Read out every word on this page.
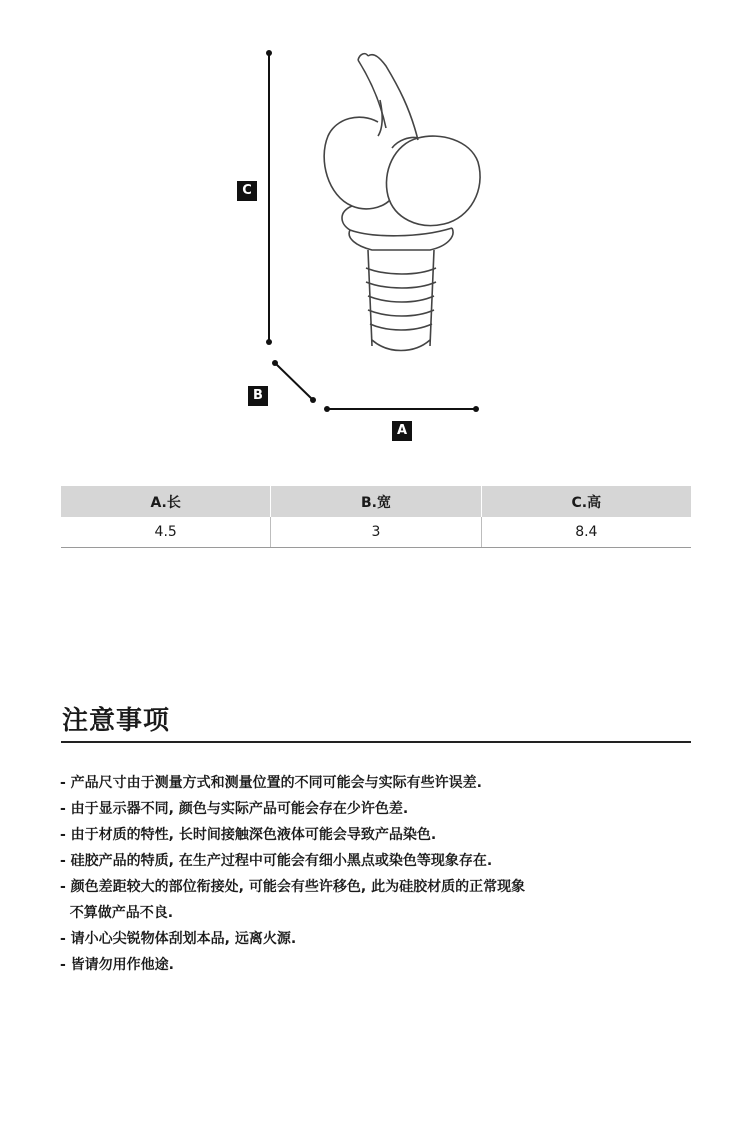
C
B
A
A.长	B.宽	C.高
4.5	3	8.4
注意事项
- 产品尺寸由于测量方式和测量位置的不同可能会与实际有些许误差.
- 由于显示器不同, 颜色与实际产品可能会存在少许色差.
- 由于材质的特性, 长时间接触深色液体可能会导致产品染色.
- 硅胶产品的特质, 在生产过程中可能会有细小黑点或染色等现象存在.
- 颜色差距较大的部位衔接处, 可能会有些许移色, 此为硅胶材质的正常现象
不算做产品不良.
- 请小心尖锐物体刮划本品, 远离火源.
- 皆请勿用作他途.
